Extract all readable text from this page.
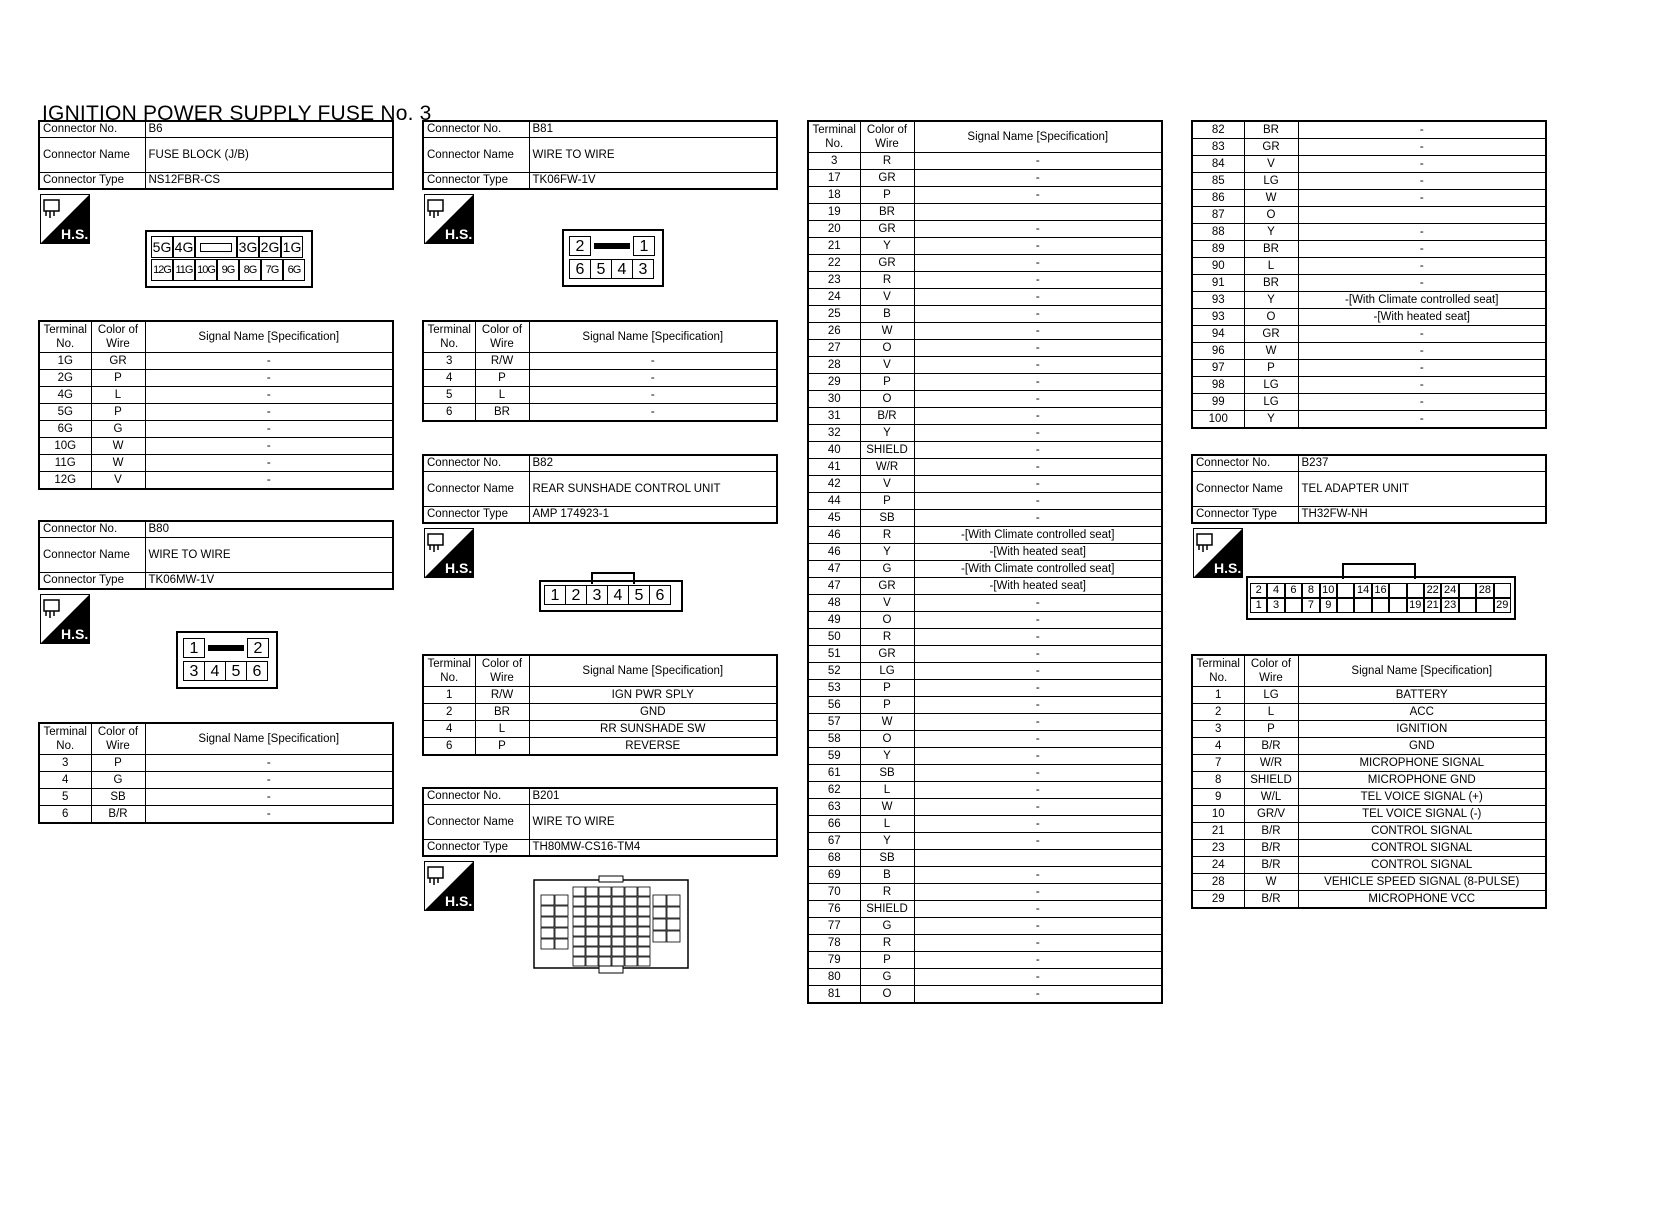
IGNITION POWER SUPPLY FUSE No. 3
Connector No.	B6
Connector Name	FUSE BLOCK (J/B)
Connector Type	NS12FBR-CS
H.S.
5G 4G	3G 2G 1G
12G 11G 10G 9G 8G 7G 6G
Terminal No.	Color of Wire	Signal Name [Specification]
1G	GR	-
2G	P	-
4G	L	-
5G	P	-
6G	G	-
10G	W	-
11G	W	-
12G	V	-
Connector No.	B80
Connector Name	WIRE TO WIRE
Connector Type	TK06MW-1V
H.S.
1	2
3 4 5 6
Terminal No.	Color of Wire	Signal Name [Specification]
3	P	-
4	G	-
5	SB	-
6	B/R	-
Connector No.	B81
Connector Name	WIRE TO WIRE
Connector Type	TK06FW-1V
H.S.
2	1
6 5 4 3
Terminal No.	Color of Wire	Signal Name [Specification]
3	R/W	-
4	P	-
5	L	-
6	BR	-
Connector No.	B82
Connector Name	REAR SUNSHADE CONTROL UNIT
Connector Type	AMP 174923-1
H.S.
1 2 3 4 5 6
Terminal No.	Color of Wire	Signal Name [Specification]
1	R/W	IGN PWR SPLY
2	BR	GND
4	L	RR SUNSHADE SW
6	P	REVERSE
Connector No.	B201
Connector Name	WIRE TO WIRE
Connector Type	TH80MW-CS16-TM4
H.S.
Terminal No.	Color of Wire	Signal Name [Specification]
3	R	-
17	GR	-
18	P	-
19	BR	
20	GR	-
21	Y	-
22	GR	-
23	R	-
24	V	-
25	B	-
26	W	-
27	O	-
28	V	-
29	P	-
30	O	-
31	B/R	-
32	Y	-
40	SHIELD	-
41	W/R	-
42	V	-
44	P	-
45	SB	-
46	R	-[With Climate controlled seat]
46	Y	-[With heated seat]
47	G	-[With Climate controlled seat]
47	GR	-[With heated seat]
48	V	-
49	O	-
50	R	-
51	GR	-
52	LG	-
53	P	-
56	P	-
57	W	-
58	O	-
59	Y	-
61	SB	-
62	L	-
63	W	-
66	L	-
67	Y	-
68	SB	
69	B	-
70	R	-
76	SHIELD	-
77	G	-
78	R	-
79	P	-
80	G	-
81	O	-
82	BR	-
83	GR	-
84	V	-
85	LG	-
86	W	-
87	O	
88	Y	-
89	BR	-
90	L	-
91	BR	-
93	Y	-[With Climate controlled seat]
93	O	-[With heated seat]
94	GR	-
96	W	-
97	P	-
98	LG	-
99	LG	-
100	Y	-
Connector No.	B237
Connector Name	TEL ADAPTER UNIT
Connector Type	TH32FW-NH
H.S.
2	4	6	8 10 14 16	22 24 28
1	3	7	9	19 21 23	29
Terminal No.	Color of Wire	Signal Name [Specification]
1	LG	BATTERY
2	L	ACC
3	P	IGNITION
4	B/R	GND
7	W/R	MICROPHONE SIGNAL
8	SHIELD	MICROPHONE GND
9	W/L	TEL VOICE SIGNAL (+)
10	GR/V	TEL VOICE SIGNAL (-)
21	B/R	CONTROL SIGNAL
23	B/R	CONTROL SIGNAL
24	B/R	CONTROL SIGNAL
28	W	VEHICLE SPEED SIGNAL (8-PULSE)
29	B/R	MICROPHONE VCC
